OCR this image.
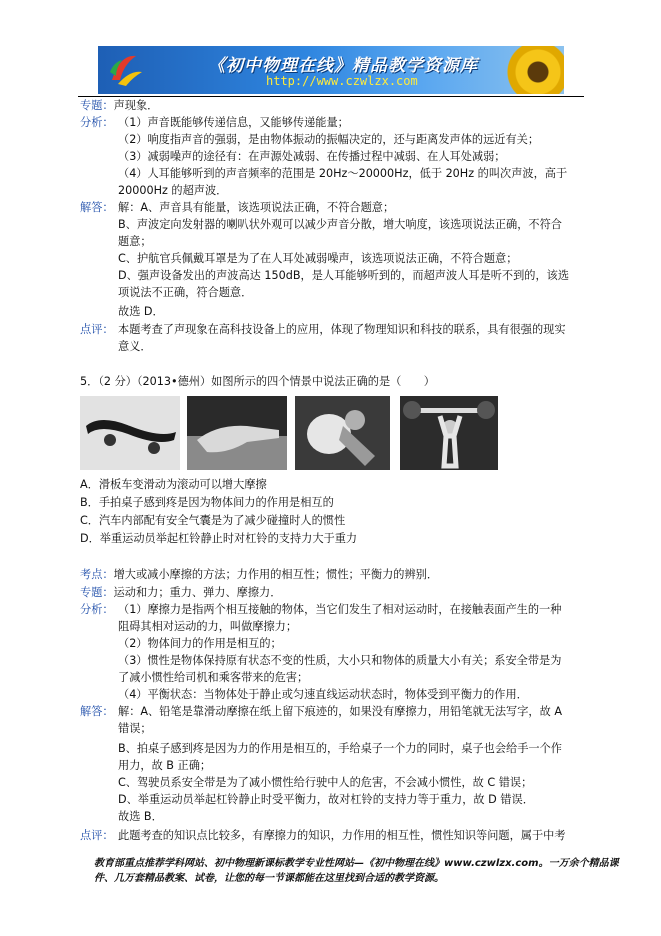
《初中物理在线》精品教学资源库
http://www.czwlzx.com
专题：声现象．
分析： （1）声音既能够传递信息，又能够传递能量；
（2）响度指声音的强弱，是由物体振动的振幅决定的，还与距离发声体的远近有关；
（3）减弱噪声的途径有：在声源处减弱、在传播过程中减弱、在人耳处减弱；
（4）人耳能够听到的声音频率的范围是 20Hz～20000Hz，低于 20Hz 的叫次声波，高于
20000Hz 的超声波．
解答： 解：A、声音具有能量，该选项说法正确，不符合题意；
B、声波定向发射器的喇叭状外观可以减少声音分散，增大响度，该选项说法正确，不符合
题意；
C、护航官兵佩戴耳罩是为了在人耳处减弱噪声，该选项说法正确，不符合题意；
D、强声设备发出的声波高达 150dB，是人耳能够听到的，而超声波人耳是听不到的，该选
项说法不正确，符合题意．
故选 D．
点评： 本题考查了声现象在高科技设备上的应用，体现了物理知识和科技的联系，具有很强的现实
意义．
5．（2 分）（2013•德州）如图所示的四个情景中说法正确的是（　　）
A．滑板车变滑动为滚动可以增大摩擦
B．手拍桌子感到疼是因为物体间力的作用是相互的
C．汽车内部配有安全气囊是为了减少碰撞时人的惯性
D．举重运动员举起杠铃静止时对杠铃的支持力大于重力
考点：增大或减小摩擦的方法；力作用的相互性；惯性；平衡力的辨别．
专题：运动和力；重力、弹力、摩擦力．
分析： （1）摩擦力是指两个相互接触的物体，当它们发生了相对运动时，在接触表面产生的一种
阻碍其相对运动的力，叫做摩擦力；
（2）物体间力的作用是相互的；
（3）惯性是物体保持原有状态不变的性质，大小只和物体的质量大小有关；系安全带是为
了减小惯性给司机和乘客带来的危害；
（4）平衡状态：当物体处于静止或匀速直线运动状态时，物体受到平衡力的作用．
解答： 解：A、铅笔是靠滑动摩擦在纸上留下痕迹的，如果没有摩擦力，用铅笔就无法写字，故 A
错误；
B、拍桌子感到疼是因为力的作用是相互的，手给桌子一个力的同时，桌子也会给手一个作
用力，故 B 正确；
C、驾驶员系安全带是为了减小惯性给行驶中人的危害，不会减小惯性，故 C 错误；
D、举重运动员举起杠铃静止时受平衡力，故对杠铃的支持力等于重力，故 D 错误．
故选 B．
点评： 此题考查的知识点比较多，有摩擦力的知识，力作用的相互性，惯性知识等问题，属于中考
教育部重点推荐学科网站、初中物理新课标教学专业性网站—《初中物理在线》www.czwlzx.com。一万余个精品课
件、几万套精品教案、试卷，让您的每一节课都能在这里找到合适的教学资源。
